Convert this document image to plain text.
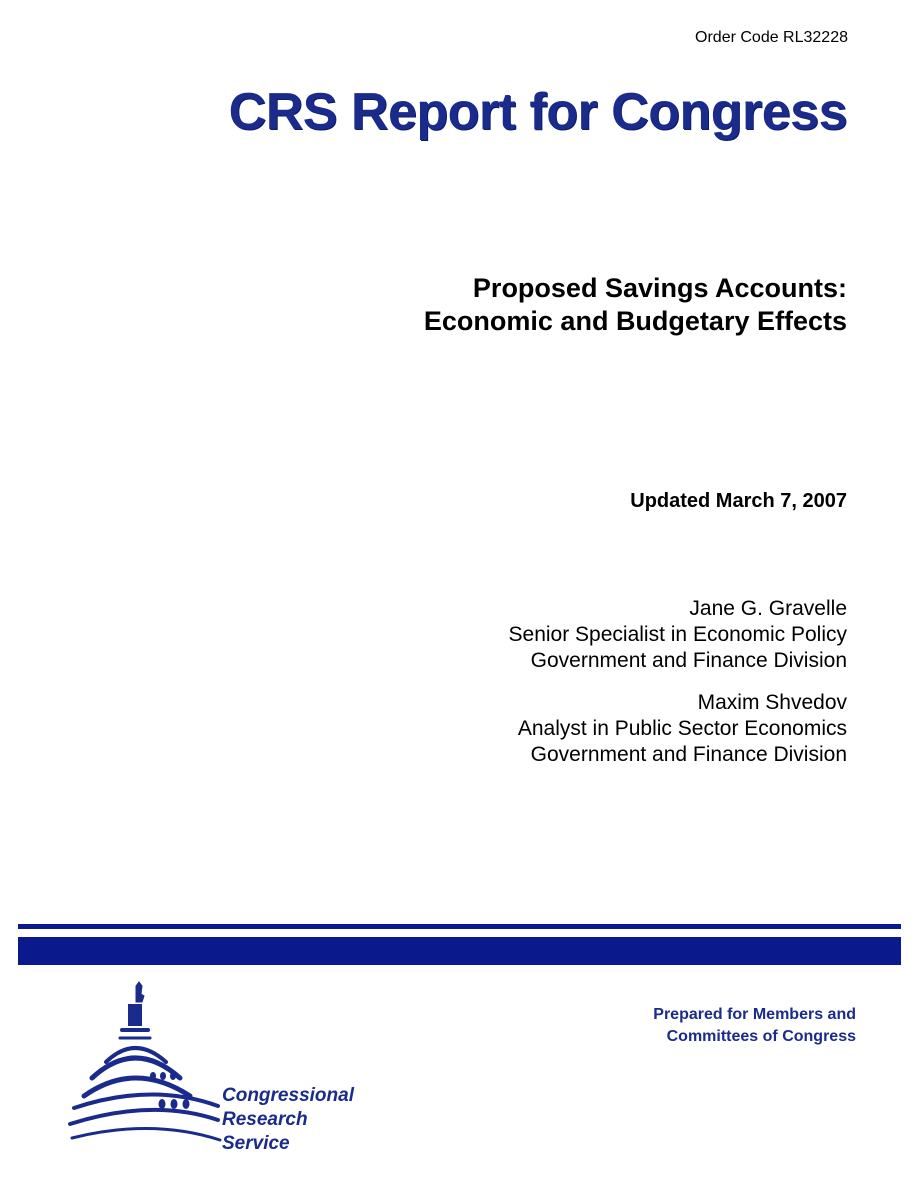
Order Code RL32228
CRS Report for Congress
Proposed Savings Accounts:
Economic and Budgetary Effects
Updated March 7, 2007
Jane G. Gravelle
Senior Specialist in Economic Policy
Government and Finance Division
Maxim Shvedov
Analyst in Public Sector Economics
Government and Finance Division
Prepared for Members and
Committees of Congress
Congressional
Research
Service
